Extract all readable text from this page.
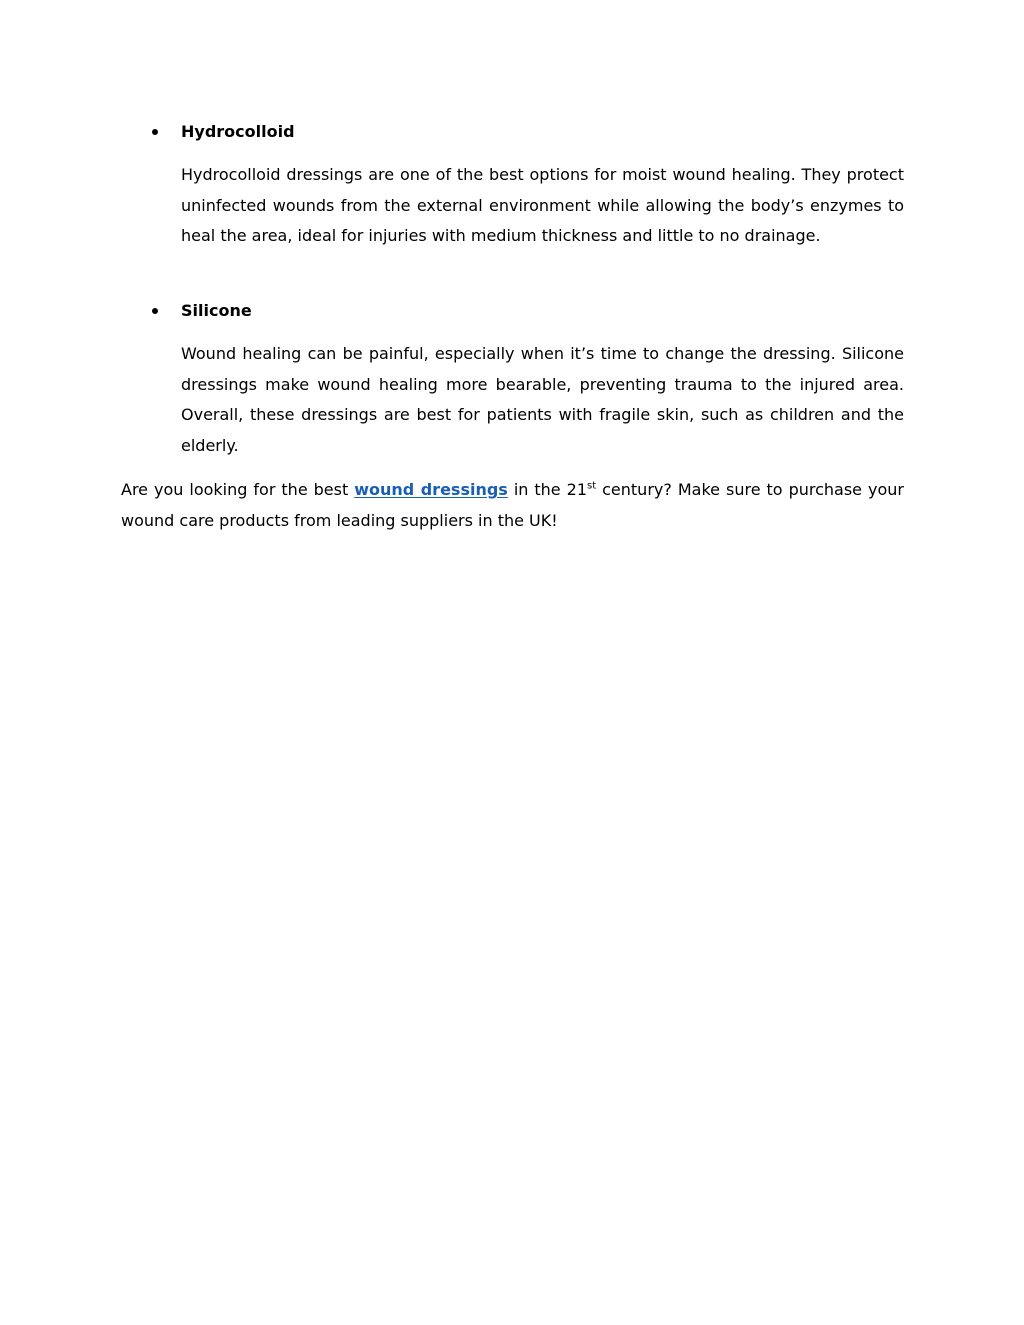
Hydrocolloid

Hydrocolloid dressings are one of the best options for moist wound healing. They protect uninfected wounds from the external environment while allowing the body’s enzymes to heal the area, ideal for injuries with medium thickness and little to no drainage.

Silicone

Wound healing can be painful, especially when it’s time to change the dressing. Silicone dressings make wound healing more bearable, preventing trauma to the injured area. Overall, these dressings are best for patients with fragile skin, such as children and the elderly.

Are you looking for the best wound dressings in the 21st century? Make sure to purchase your wound care products from leading suppliers in the UK!
